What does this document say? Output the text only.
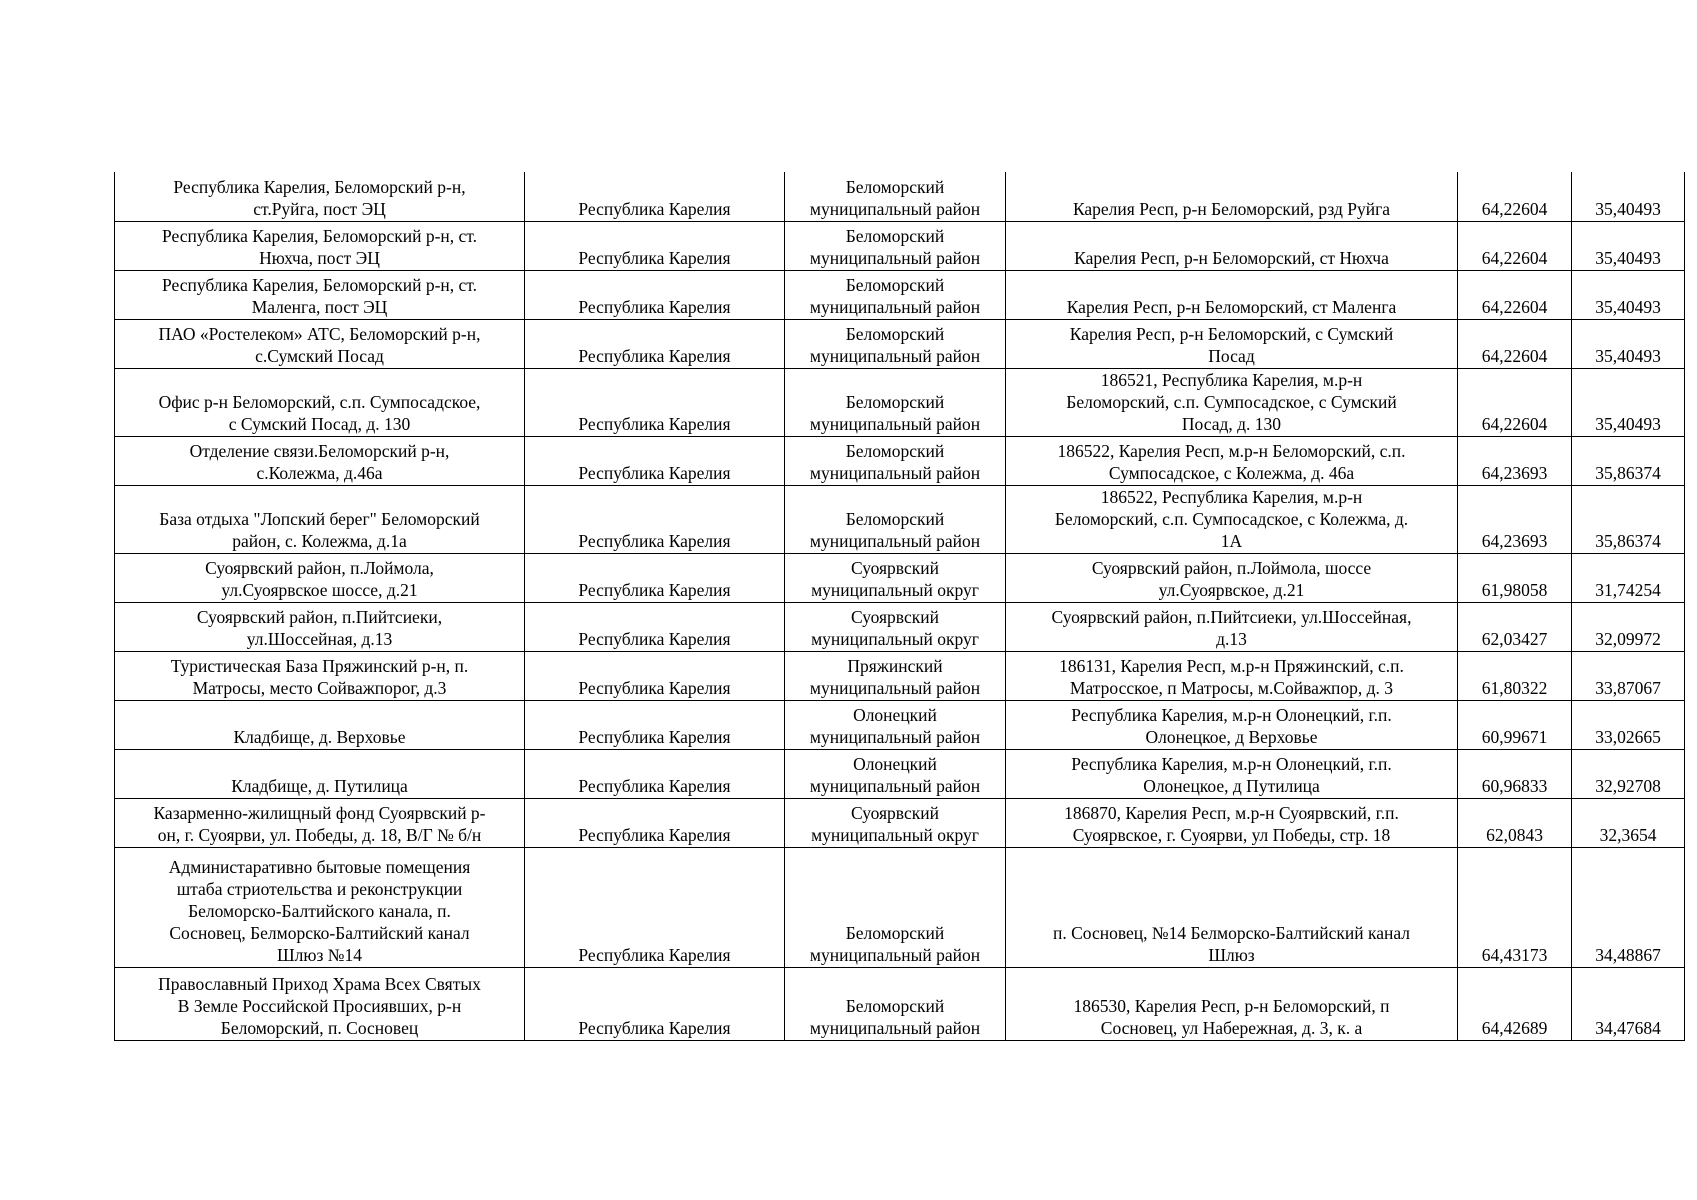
Республика Карелия, Беломорский р-н,
ст.Руйга, пост ЭЦ	Республика Карелия	Беломорский
муниципальный район	Карелия Респ, р-н Беломорский, рзд Руйга	64,22604	35,40493
Республика Карелия, Беломорский р-н, ст.
Нюхча, пост ЭЦ	Республика Карелия	Беломорский
муниципальный район	Карелия Респ, р-н Беломорский, ст Нюхча	64,22604	35,40493
Республика Карелия, Беломорский р-н, ст.
Маленга, пост ЭЦ	Республика Карелия	Беломорский
муниципальный район	Карелия Респ, р-н Беломорский, ст Маленга	64,22604	35,40493
ПАО «Ростелеком» АТС, Беломорский р-н,
с.Сумский Посад	Республика Карелия	Беломорский
муниципальный район	Карелия Респ, р-н Беломорский, с Сумский
Посад	64,22604	35,40493
Офис р-н Беломорский, с.п. Сумпосадское,
с Сумский Посад, д. 130	Республика Карелия	Беломорский
муниципальный район	186521, Республика Карелия, м.р-н
Беломорский, с.п. Сумпосадское, с Сумский
Посад, д. 130	64,22604	35,40493
Отделение связи.Беломорский р-н,
с.Колежма, д.46а	Республика Карелия	Беломорский
муниципальный район	186522, Карелия Респ, м.р-н Беломорский, с.п.
Сумпосадское, с Колежма, д. 46а	64,23693	35,86374
База отдыха "Лопский берег" Беломорский
район, с. Колежма, д.1а	Республика Карелия	Беломорский
муниципальный район	186522, Республика Карелия, м.р-н
Беломорский, с.п. Сумпосадское, с Колежма, д.
1А	64,23693	35,86374
Суоярвский район, п.Лоймола,
ул.Суоярвское шоссе, д.21	Республика Карелия	Суоярвский
муниципальный округ	Суоярвский район, п.Лоймола, шоссе
ул.Суоярвское, д.21	61,98058	31,74254
Суоярвский район, п.Пийтсиеки,
ул.Шоссейная, д.13	Республика Карелия	Суоярвский
муниципальный округ	Суоярвский район, п.Пийтсиеки, ул.Шоссейная,
д.13	62,03427	32,09972
Туристическая База Пряжинский р-н, п.
Матросы, место Сойважпорог, д.3	Республика Карелия	Пряжинский
муниципальный район	186131, Карелия Респ, м.р-н Пряжинский, с.п.
Матросское, п Матросы, м.Сойважпор, д. 3	61,80322	33,87067
Кладбище, д. Верховье	Республика Карелия	Олонецкий
муниципальный район	Республика Карелия, м.р-н Олонецкий, г.п.
Олонецкое, д Верховье	60,99671	33,02665
Кладбище, д. Путилица	Республика Карелия	Олонецкий
муниципальный район	Республика Карелия, м.р-н Олонецкий, г.п.
Олонецкое, д Путилица	60,96833	32,92708
Казарменно-жилищный фонд Суоярвский р-
он, г. Суоярви, ул. Победы, д. 18, В/Г № б/н	Республика Карелия	Суоярвский
муниципальный округ	186870, Карелия Респ, м.р-н Суоярвский, г.п.
Суоярвское, г. Суоярви, ул Победы, стр. 18	62,0843	32,3654
Администаративно бытовые помещения
штаба стриотельства и реконструкции
Беломорско-Балтийского канала, п.
Сосновец, Белморско-Балтийский канал
Шлюз №14	Республика Карелия	Беломорский
муниципальный район	п. Сосновец, №14 Белморско-Балтийский канал
Шлюз	64,43173	34,48867
Православный Приход Храма Всех Святых
В Земле Российской Просиявших, р-н
Беломорский, п. Сосновец	Республика Карелия	Беломорский
муниципальный район	186530, Карелия Респ, р-н Беломорский, п
Сосновец, ул Набережная, д. 3, к. а	64,42689	34,47684
